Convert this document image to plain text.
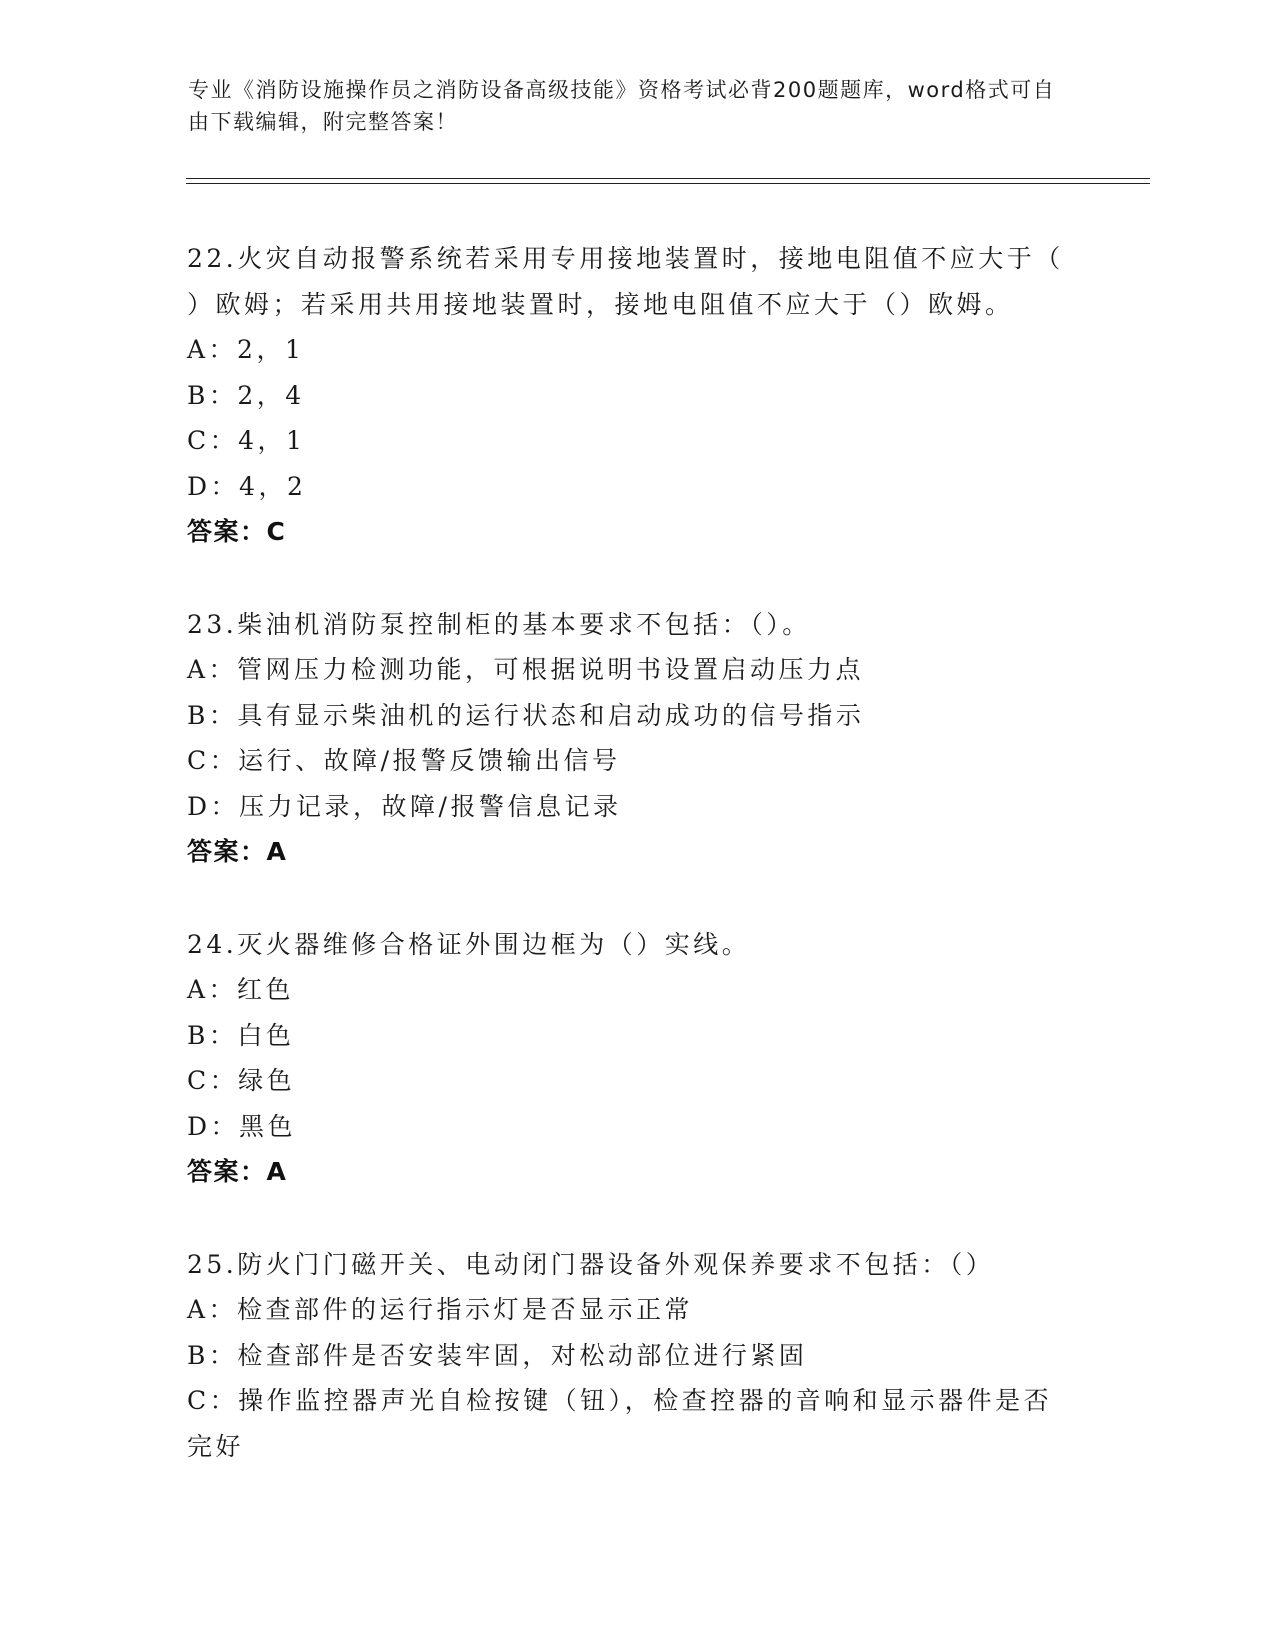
专业《消防设施操作员之消防设备高级技能》资格考试必背200题题库，word格式可自由下载编辑，附完整答案！
22.火灾自动报警系统若采用专用接地装置时，接地电阻值不应大于（
）欧姆；若采用共用接地装置时，接地电阻值不应大于（）欧姆。
A：2，1
B：2，4
C：4，1
D：4，2
答案：C
23.柴油机消防泵控制柜的基本要求不包括：（）。
A：管网压力检测功能，可根据说明书设置启动压力点
B：具有显示柴油机的运行状态和启动成功的信号指示
C：运行、故障/报警反馈输出信号
D：压力记录，故障/报警信息记录
答案：A
24.灭火器维修合格证外围边框为（）实线。
A：红色
B：白色
C：绿色
D：黑色
答案：A
25.防火门门磁开关、电动闭门器设备外观保养要求不包括：（）
A：检查部件的运行指示灯是否显示正常
B：检查部件是否安装牢固，对松动部位进行紧固
C：操作监控器声光自检按键（钮），检查控器的音响和显示器件是否
完好
